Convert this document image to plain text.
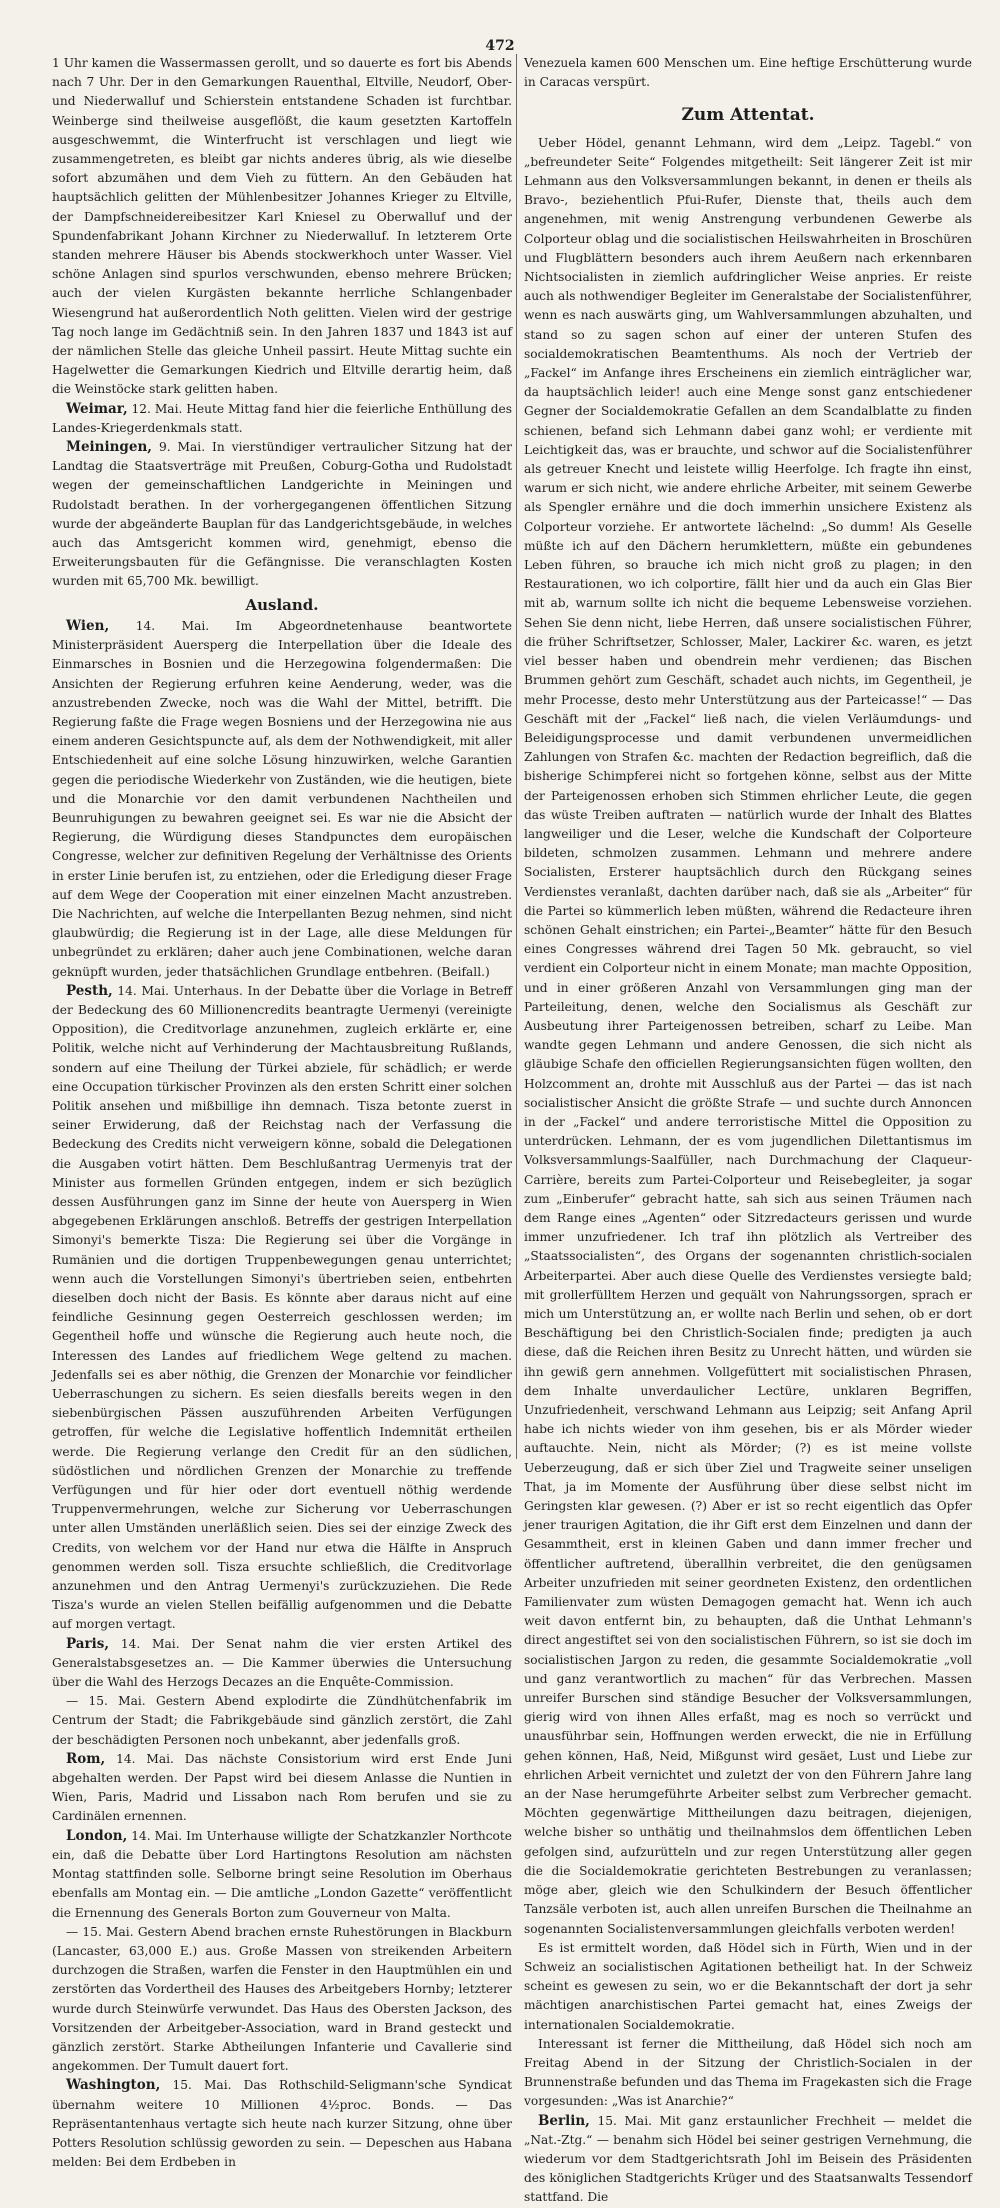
472

1 Uhr kamen die Wassermassen gerollt, und so dauerte es fort bis Abends nach 7 Uhr. Der in den Gemarkungen Rauenthal, Eltville, Neudorf, Ober- und Niederwalluf und Schierstein entstandene Schaden ist furchtbar. Weinberge sind theilweise ausgeflößt, die kaum gesetzten Kartoffeln ausgeschwemmt, die Winterfrucht ist verschlagen und liegt wie zusammengetreten, es bleibt gar nichts anderes übrig, als wie dieselbe sofort abzumähen und dem Vieh zu füttern. An den Gebäuden hat hauptsächlich gelitten der Mühlenbesitzer Johannes Krieger zu Eltville, der Dampfschneidereibesitzer Karl Kniesel zu Oberwalluf und der Spundenfabrikant Johann Kirchner zu Niederwalluf. In letzterem Orte standen mehrere Häuser bis Abends stockwerkhoch unter Wasser. Viel schöne Anlagen sind spurlos verschwunden, ebenso mehrere Brücken; auch der vielen Kurgästen bekannte herrliche Schlangenbader Wiesengrund hat außerordentlich Noth gelitten. Vielen wird der gestrige Tag noch lange im Gedächtniß sein. In den Jahren 1837 und 1843 ist auf der nämlichen Stelle das gleiche Unheil passirt. Heute Mittag suchte ein Hagelwetter die Gemarkungen Kiedrich und Eltville derartig heim, daß die Weinstöcke stark gelitten haben.

Weimar, 12. Mai. Heute Mittag fand hier die feierliche Enthüllung des Landes-Kriegerdenkmals statt.

Meiningen, 9. Mai. In vierstündiger vertraulicher Sitzung hat der Landtag die Staatsverträge mit Preußen, Coburg-Gotha und Rudolstadt wegen der gemeinschaftlichen Landgerichte in Meiningen und Rudolstadt berathen. In der vorhergegangenen öffentlichen Sitzung wurde der abgeänderte Bauplan für das Landgerichtsgebäude, in welches auch das Amtsgericht kommen wird, genehmigt, ebenso die Erweiterungsbauten für die Gefängnisse. Die veranschlagten Kosten wurden mit 65,700 Mk. bewilligt.

Ausland.

Wien, 14. Mai. Im Abgeordnetenhause beantwortete Ministerpräsident Auersperg die Interpellation über die Ideale des Einmarsches in Bosnien und die Herzegowina folgendermaßen: Die Ansichten der Regierung erfuhren keine Aenderung, weder, was die anzustrebenden Zwecke, noch was die Wahl der Mittel, betrifft. Die Regierung faßte die Frage wegen Bosniens und der Herzegowina nie aus einem anderen Gesichtspuncte auf, als dem der Nothwendigkeit, mit aller Entschiedenheit auf eine solche Lösung hinzuwirken, welche Garantien gegen die periodische Wiederkehr von Zuständen, wie die heutigen, biete und die Monarchie vor den damit verbundenen Nachtheilen und Beunruhigungen zu bewahren geeignet sei. Es war nie die Absicht der Regierung, die Würdigung dieses Standpunctes dem europäischen Congresse, welcher zur definitiven Regelung der Verhältnisse des Orients in erster Linie berufen ist, zu entziehen, oder die Erledigung dieser Frage auf dem Wege der Cooperation mit einer einzelnen Macht anzustreben. Die Nachrichten, auf welche die Interpellanten Bezug nehmen, sind nicht glaubwürdig; die Regierung ist in der Lage, alle diese Meldungen für unbegründet zu erklären; daher auch jene Combinationen, welche daran geknüpft wurden, jeder thatsächlichen Grundlage entbehren. (Beifall.)

Pesth, 14. Mai. Unterhaus. In der Debatte über die Vorlage in Betreff der Bedeckung des 60 Millionencredits beantragte Uermenyi (vereinigte Opposition), die Creditvorlage anzunehmen, zugleich erklärte er, eine Politik, welche nicht auf Verhinderung der Machtausbreitung Rußlands, sondern auf eine Theilung der Türkei abziele, für schädlich; er werde eine Occupation türkischer Provinzen als den ersten Schritt einer solchen Politik ansehen und mißbillige ihn demnach. Tisza betonte zuerst in seiner Erwiderung, daß der Reichstag nach der Verfassung die Bedeckung des Credits nicht verweigern könne, sobald die Delegationen die Ausgaben votirt hätten. Dem Beschlußantrag Uermenyis trat der Minister aus formellen Gründen entgegen, indem er sich bezüglich dessen Ausführungen ganz im Sinne der heute von Auersperg in Wien abgegebenen Erklärungen anschloß. Betreffs der gestrigen Interpellation Simonyi's bemerkte Tisza: Die Regierung sei über die Vorgänge in Rumänien und die dortigen Truppenbewegungen genau unterrichtet; wenn auch die Vorstellungen Simonyi's übertrieben seien, entbehrten dieselben doch nicht der Basis. Es könnte aber daraus nicht auf eine feindliche Gesinnung gegen Oesterreich geschlossen werden; im Gegentheil hoffe und wünsche die Regierung auch heute noch, die Interessen des Landes auf friedlichem Wege geltend zu machen. Jedenfalls sei es aber nöthig, die Grenzen der Monarchie vor feindlicher Ueberraschungen zu sichern. Es seien diesfalls bereits wegen in den siebenbürgischen Pässen auszuführenden Arbeiten Verfügungen getroffen, für welche die Legislative hoffentlich Indemnität ertheilen werde. Die Regierung verlange den Credit für an den südlichen, südöstlichen und nördlichen Grenzen der Monarchie zu treffende Verfügungen und für hier oder dort eventuell nöthig werdende Truppenvermehrungen, welche zur Sicherung vor Ueberraschungen unter allen Umständen unerläßlich seien. Dies sei der einzige Zweck des Credits, von welchem vor der Hand nur etwa die Hälfte in Anspruch genommen werden soll. Tisza ersuchte schließlich, die Creditvorlage anzunehmen und den Antrag Uermenyi's zurückzuziehen. Die Rede Tisza's wurde an vielen Stellen beifällig aufgenommen und die Debatte auf morgen vertagt.

Paris, 14. Mai. Der Senat nahm die vier ersten Artikel des Generalstabsgesetzes an. — Die Kammer überwies die Untersuchung über die Wahl des Herzogs Decazes an die Enquête-Commission.

— 15. Mai. Gestern Abend explodirte die Zündhütchenfabrik im Centrum der Stadt; die Fabrikgebäude sind gänzlich zerstört, die Zahl der beschädigten Personen noch unbekannt, aber jedenfalls groß.

Rom, 14. Mai. Das nächste Consistorium wird erst Ende Juni abgehalten werden. Der Papst wird bei diesem Anlasse die Nuntien in Wien, Paris, Madrid und Lissabon nach Rom berufen und sie zu Cardinälen ernennen.

London, 14. Mai. Im Unterhause willigte der Schatzkanzler Northcote ein, daß die Debatte über Lord Hartingtons Resolution am nächsten Montag stattfinden solle. Selborne bringt seine Resolution im Oberhaus ebenfalls am Montag ein. — Die amtliche „London Gazette“ veröffentlicht die Ernennung des Generals Borton zum Gouverneur von Malta.

— 15. Mai. Gestern Abend brachen ernste Ruhestörungen in Blackburn (Lancaster, 63,000 E.) aus. Große Massen von streikenden Arbeitern durchzogen die Straßen, warfen die Fenster in den Hauptmühlen ein und zerstörten das Vordertheil des Hauses des Arbeitgebers Hornby; letzterer wurde durch Steinwürfe verwundet. Das Haus des Obersten Jackson, des Vorsitzenden der Arbeitgeber-Association, ward in Brand gesteckt und gänzlich zerstört. Starke Abtheilungen Infanterie und Cavallerie sind angekommen. Der Tumult dauert fort.

Washington, 15. Mai. Das Rothschild-Seligmann'sche Syndicat übernahm weitere 10 Millionen 4½proc. Bonds. — Das Repräsentantenhaus vertagte sich heute nach kurzer Sitzung, ohne über Potters Resolution schlüssig geworden zu sein. — Depeschen aus Habana melden: Bei dem Erdbeben in

Venezuela kamen 600 Menschen um. Eine heftige Erschütterung wurde in Caracas verspürt.

Zum Attentat.

Ueber Hödel, genannt Lehmann, wird dem „Leipz. Tagebl.“ von „befreundeter Seite“ Folgendes mitgetheilt: Seit längerer Zeit ist mir Lehmann aus den Volksversammlungen bekannt, in denen er theils als Bravo-, beziehentlich Pfui-Rufer, Dienste that, theils auch dem angenehmen, mit wenig Anstrengung verbundenen Gewerbe als Colporteur oblag und die socialistischen Heilswahrheiten in Broschüren und Flugblättern besonders auch ihrem Aeußern nach erkennbaren Nichtsocialisten in ziemlich aufdringlicher Weise anpries. Er reiste auch als nothwendiger Begleiter im Generalstabe der Socialistenführer, wenn es nach auswärts ging, um Wahlversammlungen abzuhalten, und stand so zu sagen schon auf einer der unteren Stufen des socialdemokratischen Beamtenthums. Als noch der Vertrieb der „Fackel“ im Anfange ihres Erscheinens ein ziemlich einträglicher war, da hauptsächlich leider! auch eine Menge sonst ganz entschiedener Gegner der Socialdemokratie Gefallen an dem Scandalblatte zu finden schienen, befand sich Lehmann dabei ganz wohl; er verdiente mit Leichtigkeit das, was er brauchte, und schwor auf die Socialistenführer als getreuer Knecht und leistete willig Heerfolge. Ich fragte ihn einst, warum er sich nicht, wie andere ehrliche Arbeiter, mit seinem Gewerbe als Spengler ernähre und die doch immerhin unsichere Existenz als Colporteur vorziehe. Er antwortete lächelnd: „So dumm! Als Geselle müßte ich auf den Dächern herumklettern, müßte ein gebundenes Leben führen, so brauche ich mich nicht groß zu plagen; in den Restaurationen, wo ich colportire, fällt hier und da auch ein Glas Bier mit ab, warnum sollte ich nicht die bequeme Lebensweise vorziehen. Sehen Sie denn nicht, liebe Herren, daß unsere socialistischen Führer, die früher Schriftsetzer, Schlosser, Maler, Lackirer &c. waren, es jetzt viel besser haben und obendrein mehr verdienen; das Bischen Brummen gehört zum Geschäft, schadet auch nichts, im Gegentheil, je mehr Processe, desto mehr Unterstützung aus der Parteicasse!“ — Das Geschäft mit der „Fackel“ ließ nach, die vielen Verläumdungs- und Beleidigungsprocesse und damit verbundenen unvermeidlichen Zahlungen von Strafen &c. machten der Redaction begreiflich, daß die bisherige Schimpferei nicht so fortgehen könne, selbst aus der Mitte der Parteigenossen erhoben sich Stimmen ehrlicher Leute, die gegen das wüste Treiben auftraten — natürlich wurde der Inhalt des Blattes langweiliger und die Leser, welche die Kundschaft der Colporteure bildeten, schmolzen zusammen. Lehmann und mehrere andere Socialisten, Ersterer hauptsächlich durch den Rückgang seines Verdienstes veranlaßt, dachten darüber nach, daß sie als „Arbeiter“ für die Partei so kümmerlich leben müßten, während die Redacteure ihren schönen Gehalt einstrichen; ein Partei-„Beamter“ hätte für den Besuch eines Congresses während drei Tagen 50 Mk. gebraucht, so viel verdient ein Colporteur nicht in einem Monate; man machte Opposition, und in einer größeren Anzahl von Versammlungen ging man der Parteileitung, denen, welche den Socialismus als Geschäft zur Ausbeutung ihrer Parteigenossen betreiben, scharf zu Leibe. Man wandte gegen Lehmann und andere Genossen, die sich nicht als gläubige Schafe den officiellen Regierungsansichten fügen wollten, den Holzcomment an, drohte mit Ausschluß aus der Partei — das ist nach socialistischer Ansicht die größte Strafe — und suchte durch Annoncen in der „Fackel“ und andere terroristische Mittel die Opposition zu unterdrücken. Lehmann, der es vom jugendlichen Dilettantismus im Volksversammlungs-Saalfüller, nach Durchmachung der Claqueur-Carrière, bereits zum Partei-Colporteur und Reisebegleiter, ja sogar zum „Einberufer“ gebracht hatte, sah sich aus seinen Träumen nach dem Range eines „Agenten“ oder Sitzredacteurs gerissen und wurde immer unzufriedener. Ich traf ihn plötzlich als Vertreiber des „Staatssocialisten“, des Organs der sogenannten christlich-socialen Arbeiterpartei. Aber auch diese Quelle des Verdienstes versiegte bald; mit grollerfülltem Herzen und gequält von Nahrungssorgen, sprach er mich um Unterstützung an, er wollte nach Berlin und sehen, ob er dort Beschäftigung bei den Christlich-Socialen finde; predigten ja auch diese, daß die Reichen ihren Besitz zu Unrecht hätten, und würden sie ihn gewiß gern annehmen. Vollgefüttert mit socialistischen Phrasen, dem Inhalte unverdaulicher Lectüre, unklaren Begriffen, Unzufriedenheit, verschwand Lehmann aus Leipzig; seit Anfang April habe ich nichts wieder von ihm gesehen, bis er als Mörder wieder auftauchte. Nein, nicht als Mörder; (?) es ist meine vollste Ueberzeugung, daß er sich über Ziel und Tragweite seiner unseligen That, ja im Momente der Ausführung über diese selbst nicht im Geringsten klar gewesen. (?) Aber er ist so recht eigentlich das Opfer jener traurigen Agitation, die ihr Gift erst dem Einzelnen und dann der Gesammtheit, erst in kleinen Gaben und dann immer frecher und öffentlicher auftretend, überallhin verbreitet, die den genügsamen Arbeiter unzufrieden mit seiner geordneten Existenz, den ordentlichen Familienvater zum wüsten Demagogen gemacht hat. Wenn ich auch weit davon entfernt bin, zu behaupten, daß die Unthat Lehmann's direct angestiftet sei von den socialistischen Führern, so ist sie doch im socialistischen Jargon zu reden, die gesammte Socialdemokratie „voll und ganz verantwortlich zu machen“ für das Verbrechen. Massen unreifer Burschen sind ständige Besucher der Volksversammlungen, gierig wird von ihnen Alles erfaßt, mag es noch so verrückt und unausführbar sein, Hoffnungen werden erweckt, die nie in Erfüllung gehen können, Haß, Neid, Mißgunst wird gesäet, Lust und Liebe zur ehrlichen Arbeit vernichtet und zuletzt der von den Führern Jahre lang an der Nase herumgeführte Arbeiter selbst zum Verbrecher gemacht. Möchten gegenwärtige Mittheilungen dazu beitragen, diejenigen, welche bisher so unthätig und theilnahmslos dem öffentlichen Leben gefolgen sind, aufzurütteln und zur regen Unterstützung aller gegen die die Socialdemokratie gerichteten Bestrebungen zu veranlassen; möge aber, gleich wie den Schulkindern der Besuch öffentlicher Tanzsäle verboten ist, auch allen unreifen Burschen die Theilnahme an sogenannten Socialistenversammlungen gleichfalls verboten werden!

Es ist ermittelt worden, daß Hödel sich in Fürth, Wien und in der Schweiz an socialistischen Agitationen betheiligt hat. In der Schweiz scheint es gewesen zu sein, wo er die Bekanntschaft der dort ja sehr mächtigen anarchistischen Partei gemacht hat, eines Zweigs der internationalen Socialdemokratie.

Interessant ist ferner die Mittheilung, daß Hödel sich noch am Freitag Abend in der Sitzung der Christlich-Socialen in der Brunnenstraße befunden und das Thema im Fragekasten sich die Frage vorgesunden: „Was ist Anarchie?“

Berlin, 15. Mai. Mit ganz erstaunlicher Frechheit — meldet die „Nat.-Ztg.“ — benahm sich Hödel bei seiner gestrigen Vernehmung, die wiederum vor dem Stadtgerichtsrath Johl im Beisein des Präsidenten des königlichen Stadtgerichts Krüger und des Staatsanwalts Tessendorf stattfand. Die
